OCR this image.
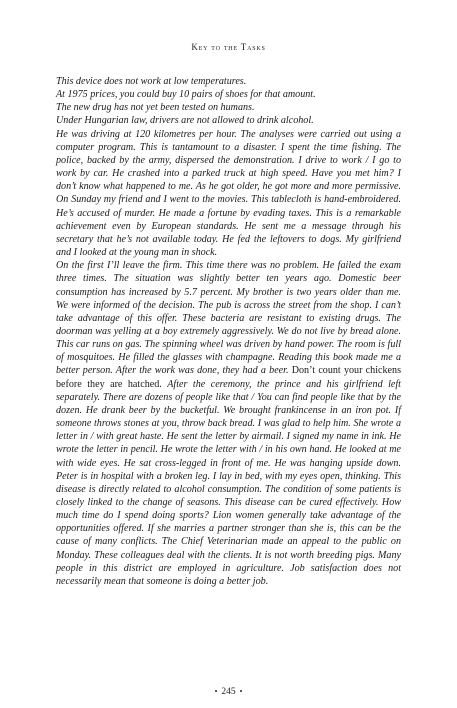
Key to the Tasks

This device does not work at low temperatures.

At 1975 prices, you could buy 10 pairs of shoes for that amount.

The new drug has not yet been tested on humans.

Under Hungarian law, drivers are not allowed to drink alcohol.

He was driving at 120 kilometres per hour. The analyses were carried out using a computer program. This is tantamount to a disaster. I spent the time fishing. The police, backed by the army, dispersed the demonstration. I drive to work / I go to work by car. He crashed into a parked truck at high speed. Have you met him? I don’t know what happened to me. As he got older, he got more and more permissive. On Sunday my friend and I went to the movies. This tablecloth is hand-embroidered. He’s accused of murder. He made a fortune by evading taxes. This is a remarkable achievement even by European standards. He sent me a message through his secretary that he’s not available today. He fed the leftovers to dogs. My girlfriend and I looked at the young man in shock.

On the first I’ll leave the firm. This time there was no problem. He failed the exam three times. The situation was slightly better ten years ago. Domestic beer consumption has increased by 5.7 percent. My brother is two years older than me. We were informed of the decision. The pub is across the street from the shop. I can’t take advantage of this offer. These bacteria are resistant to existing drugs. The doorman was yelling at a boy extremely aggressively. We do not live by bread alone. This car runs on gas. The spinning wheel was driven by hand power. The room is full of mosquitoes. He filled the glasses with champagne. Reading this book made me a better person. After the work was done, they had a beer. Don’t count your chickens before they are hatched. After the ceremony, the prince and his girlfriend left separately. There are dozens of people like that / You can find people like that by the dozen. He drank beer by the bucketful. We brought frankincense in an iron pot. If someone throws stones at you, throw back bread. I was glad to help him. She wrote a letter in / with great haste. He sent the letter by airmail. I signed my name in ink. He wrote the letter in pencil. He wrote the letter with / in his own hand. He looked at me with wide eyes. He sat cross-legged in front of me. He was hanging upside down. Peter is in hospital with a broken leg. I lay in bed, with my eyes open, thinking. This disease is directly related to alcohol consumption. The condition of some patients is closely linked to the change of seasons. This disease can be cured effectively. How much time do I spend doing sports? Lion women generally take advantage of the opportunities offered. If she marries a partner stronger than she is, this can be the cause of many conflicts. The Chief Veterinarian made an appeal to the public on Monday. These colleagues deal with the clients. It is not worth breeding pigs. Many people in this district are employed in agriculture. Job satisfaction does not necessarily mean that someone is doing a better job.

• 245 •
